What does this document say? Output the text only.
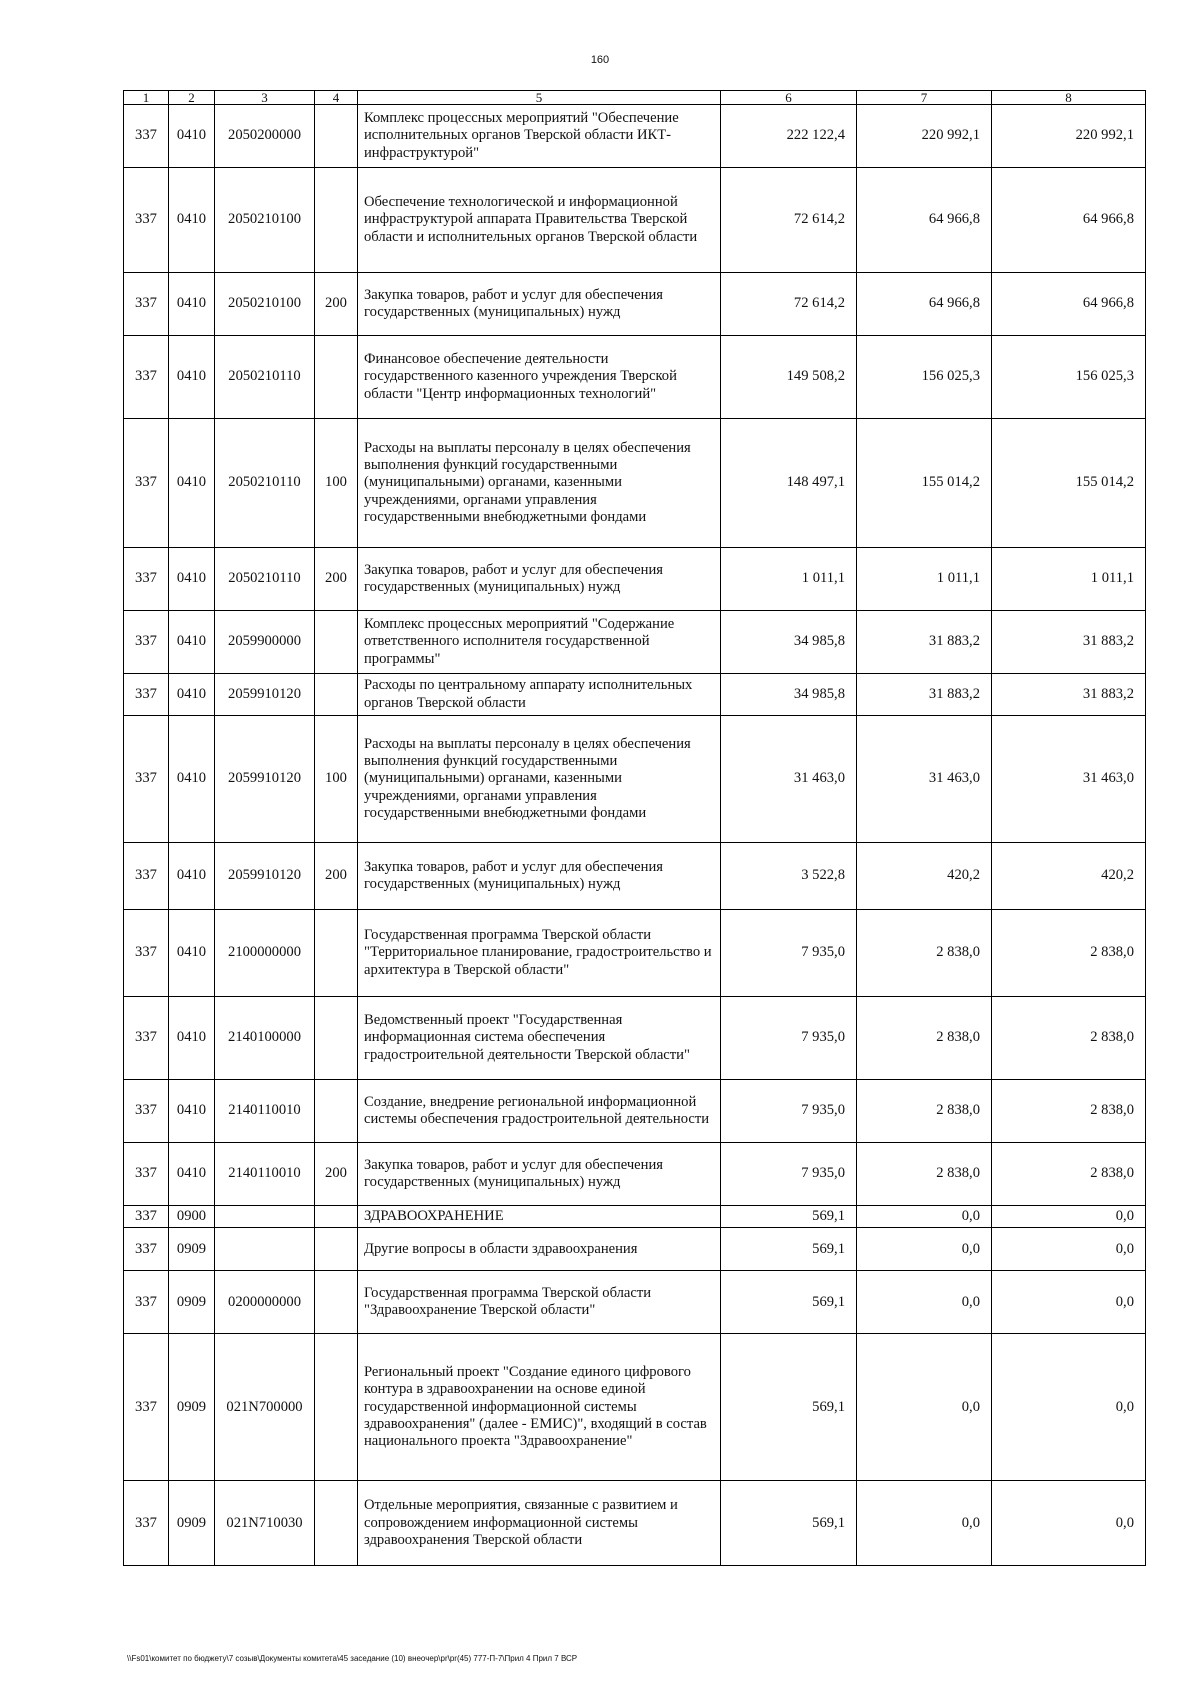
160
1	2	3	4	5	6	7	8
337	0410	2050200000		Комплекс процессных мероприятий "Обеспечение исполнительных органов Тверской области ИКТ-инфраструктурой"	222 122,4	220 992,1	220 992,1
337	0410	2050210100		Обеспечение технологической и информационной инфраструктурой аппарата Правительства Тверской области и исполнительных органов Тверской области	72 614,2	64 966,8	64 966,8
337	0410	2050210100	200	Закупка товаров, работ и услуг для обеспечения государственных (муниципальных) нужд	72 614,2	64 966,8	64 966,8
337	0410	2050210110		Финансовое обеспечение деятельности государственного казенного учреждения Тверской области "Центр информационных технологий"	149 508,2	156 025,3	156 025,3
337	0410	2050210110	100	Расходы на выплаты персоналу в целях обеспечения выполнения функций государственными (муниципальными) органами, казенными учреждениями, органами управления государственными внебюджетными фондами	148 497,1	155 014,2	155 014,2
337	0410	2050210110	200	Закупка товаров, работ и услуг для обеспечения государственных (муниципальных) нужд	1 011,1	1 011,1	1 011,1
337	0410	2059900000		Комплекс процессных мероприятий "Содержание ответственного исполнителя государственной программы"	34 985,8	31 883,2	31 883,2
337	0410	2059910120		Расходы по центральному аппарату исполнительных органов Тверской области	34 985,8	31 883,2	31 883,2
337	0410	2059910120	100	Расходы на выплаты персоналу в целях обеспечения выполнения функций государственными (муниципальными) органами, казенными учреждениями, органами управления государственными внебюджетными фондами	31 463,0	31 463,0	31 463,0
337	0410	2059910120	200	Закупка товаров, работ и услуг для обеспечения государственных (муниципальных) нужд	3 522,8	420,2	420,2
337	0410	2100000000		Государственная программа Тверской области "Территориальное планирование, градостроительство и архитектура в Тверской области"	7 935,0	2 838,0	2 838,0
337	0410	2140100000		Ведомственный проект "Государственная информационная система обеспечения градостроительной деятельности Тверской области"	7 935,0	2 838,0	2 838,0
337	0410	2140110010		Создание, внедрение региональной информационной системы обеспечения градостроительной деятельности	7 935,0	2 838,0	2 838,0
337	0410	2140110010	200	Закупка товаров, работ и услуг для обеспечения государственных (муниципальных) нужд	7 935,0	2 838,0	2 838,0
337	0900			ЗДРАВООХРАНЕНИЕ	569,1	0,0	0,0
337	0909			Другие вопросы в области здравоохранения	569,1	0,0	0,0
337	0909	0200000000		Государственная программа Тверской области "Здравоохранение Тверской области"	569,1	0,0	0,0
337	0909	021N700000		Региональный проект "Создание единого цифрового контура в здравоохранении на основе единой государственной информационной системы здравоохранения" (далее - ЕМИС)", входящий в состав национального проекта "Здравоохранение"	569,1	0,0	0,0
337	0909	021N710030		Отдельные мероприятия, связанные с развитием и сопровождением информационной системы здравоохранения Тверской области	569,1	0,0	0,0
\\Fs01\комитет по бюджету\7 созыв\Документы комитета\45 заседание (10) внеочер\pr\pr(45) 777-П-7\Прил 4 Прил 7 ВСР
